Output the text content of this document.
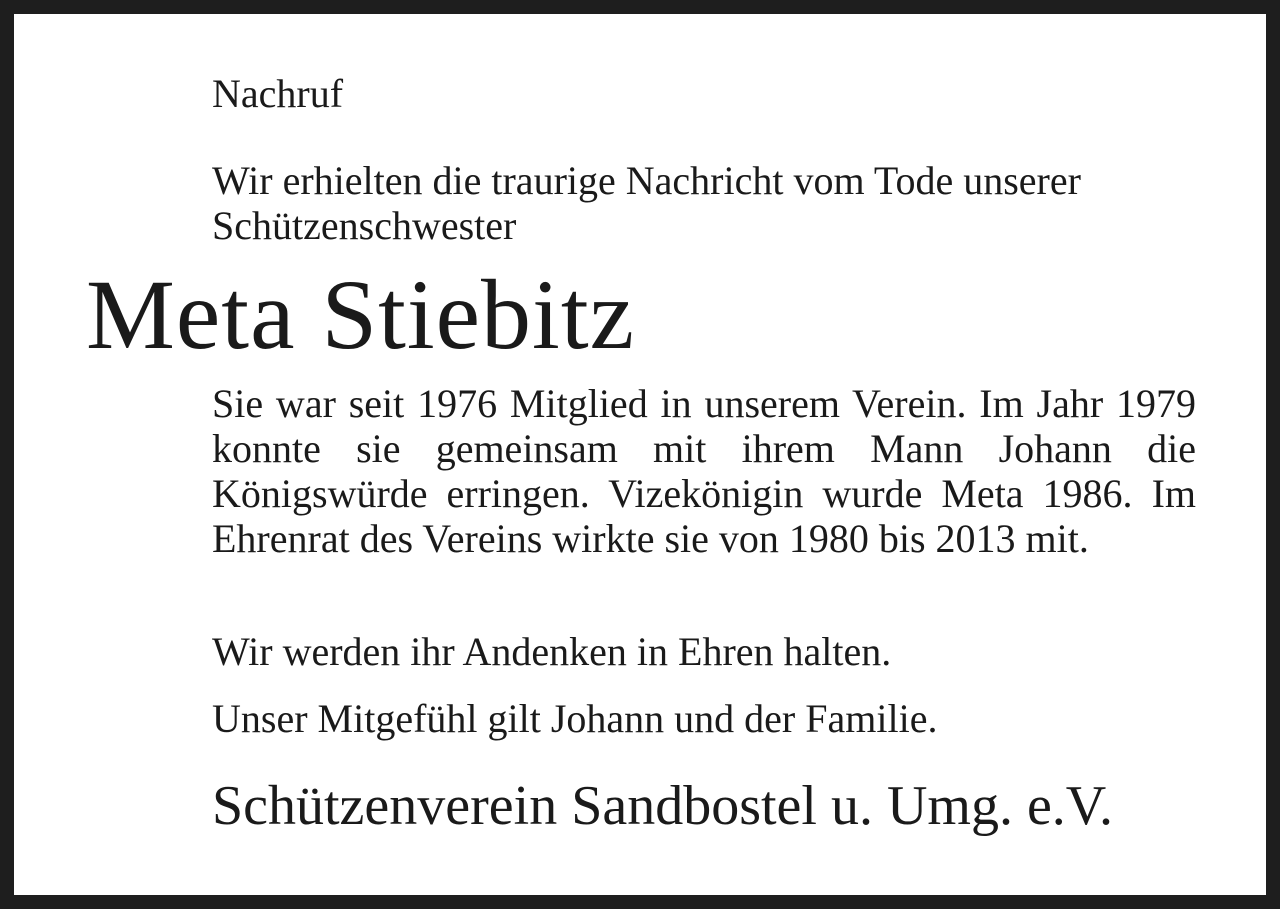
Nachruf
Wir erhielten die traurige Nachricht vom Tode unserer
Schützenschwester
Meta Stiebitz
Sie war seit 1976 Mitglied in unserem Verein. Im Jahr 1979 konnte sie gemeinsam mit ihrem Mann Johann die Königswürde erringen. Vizekönigin wurde Meta 1986. Im Ehrenrat des Vereins wirkte sie von 1980 bis 2013 mit.
Wir werden ihr Andenken in Ehren halten.
Unser Mitgefühl gilt Johann und der Familie.
Schützenverein Sandbostel u. Umg. e.V.
